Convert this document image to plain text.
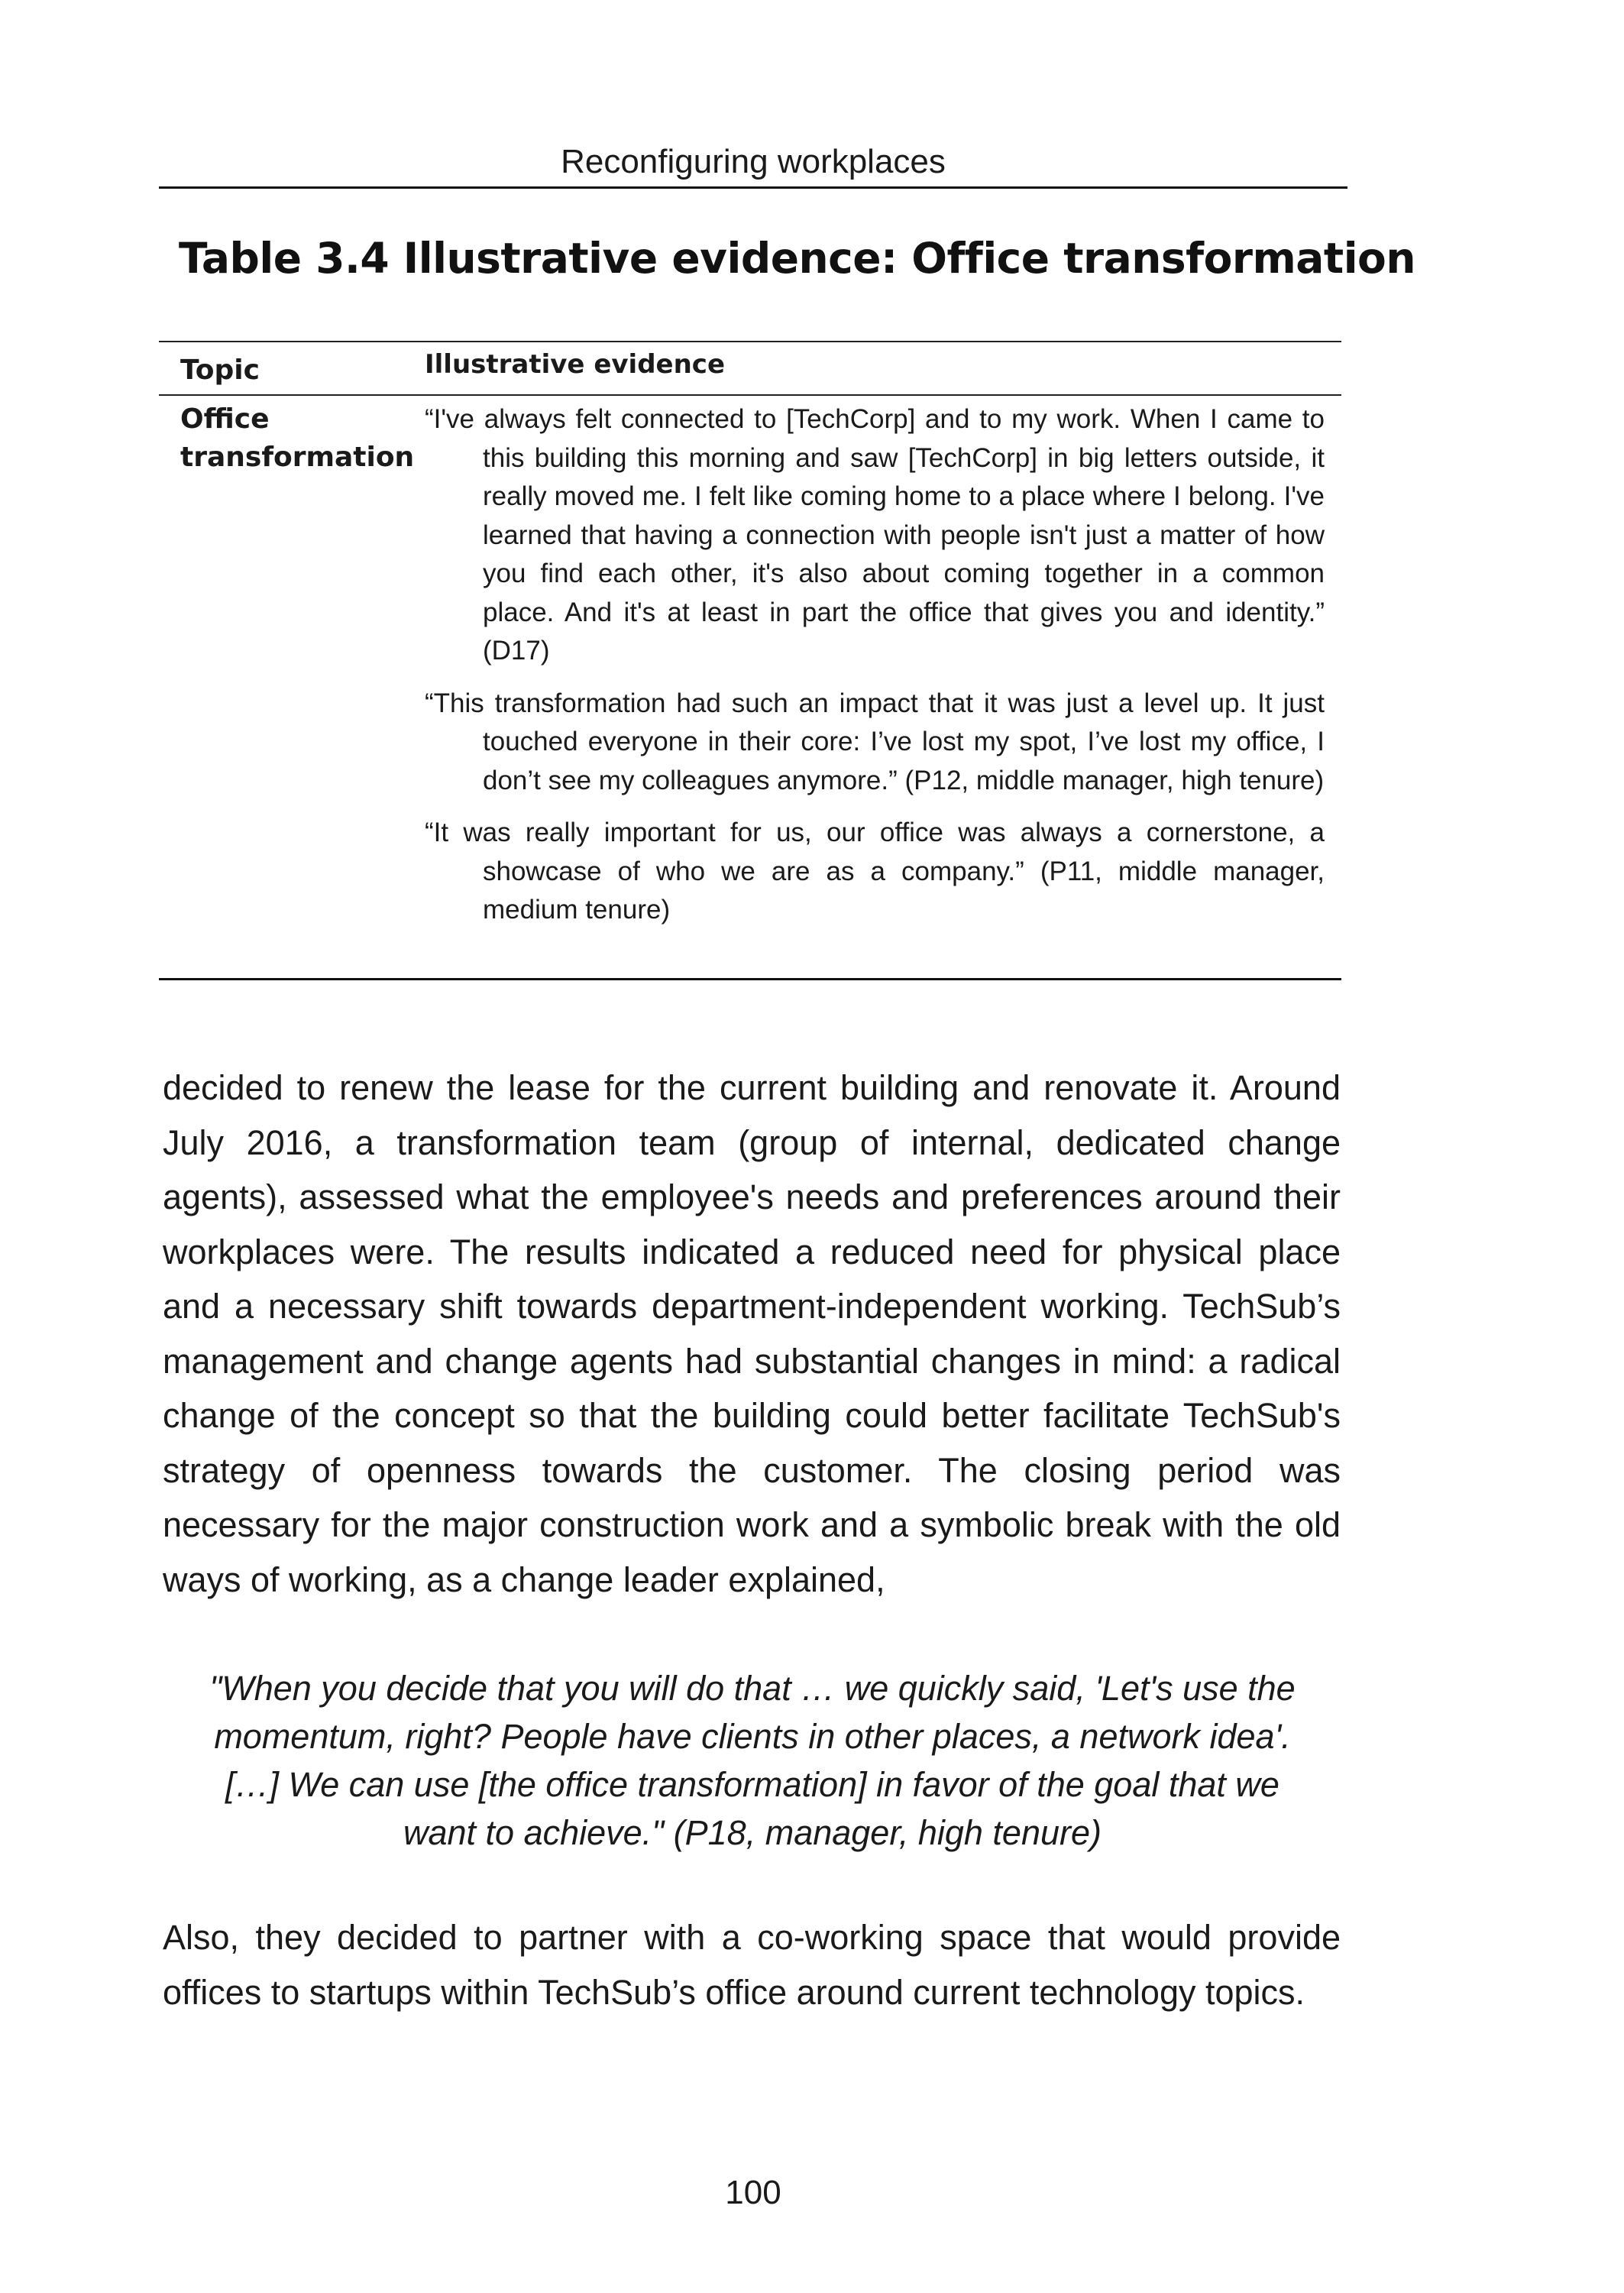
Reconfiguring workplaces
Table 3.4 Illustrative evidence: Office transformation
Topic	Illustrative evidence
Office transformation

“I've always felt connected to [TechCorp] and to my work. When I came to this building this morning and saw [TechCorp] in big letters outside, it really moved me. I felt like coming home to a place where I belong. I've learned that having a connection with people isn't just a matter of how you find each other, it's also about coming together in a common place. And it's at least in part the office that gives you and identity.” (D17)

“This transformation had such an impact that it was just a level up. It just touched everyone in their core: I’ve lost my spot, I’ve lost my office, I don’t see my colleagues anymore.” (P12, middle manager, high tenure)

“It was really important for us, our office was always a cornerstone, a showcase of who we are as a company.” (P11, middle manager, medium tenure)

decided to renew the lease for the current building and renovate it. Around July 2016, a transformation team (group of internal, dedicated change agents), assessed what the employee's needs and preferences around their workplaces were. The results indicated a reduced need for physical place and a necessary shift towards department-independent working. TechSub’s management and change agents had substantial changes in mind: a radical change of the concept so that the building could better facilitate TechSub's strategy of openness towards the customer. The closing period was necessary for the major construction work and a symbolic break with the old ways of working, as a change leader explained,

"When you decide that you will do that … we quickly said, 'Let's use the momentum, right? People have clients in other places, a network idea'. […] We can use [the office transformation] in favor of the goal that we want to achieve." (P18, manager, high tenure)

Also, they decided to partner with a co-working space that would provide offices to startups within TechSub’s office around current technology topics.

100
